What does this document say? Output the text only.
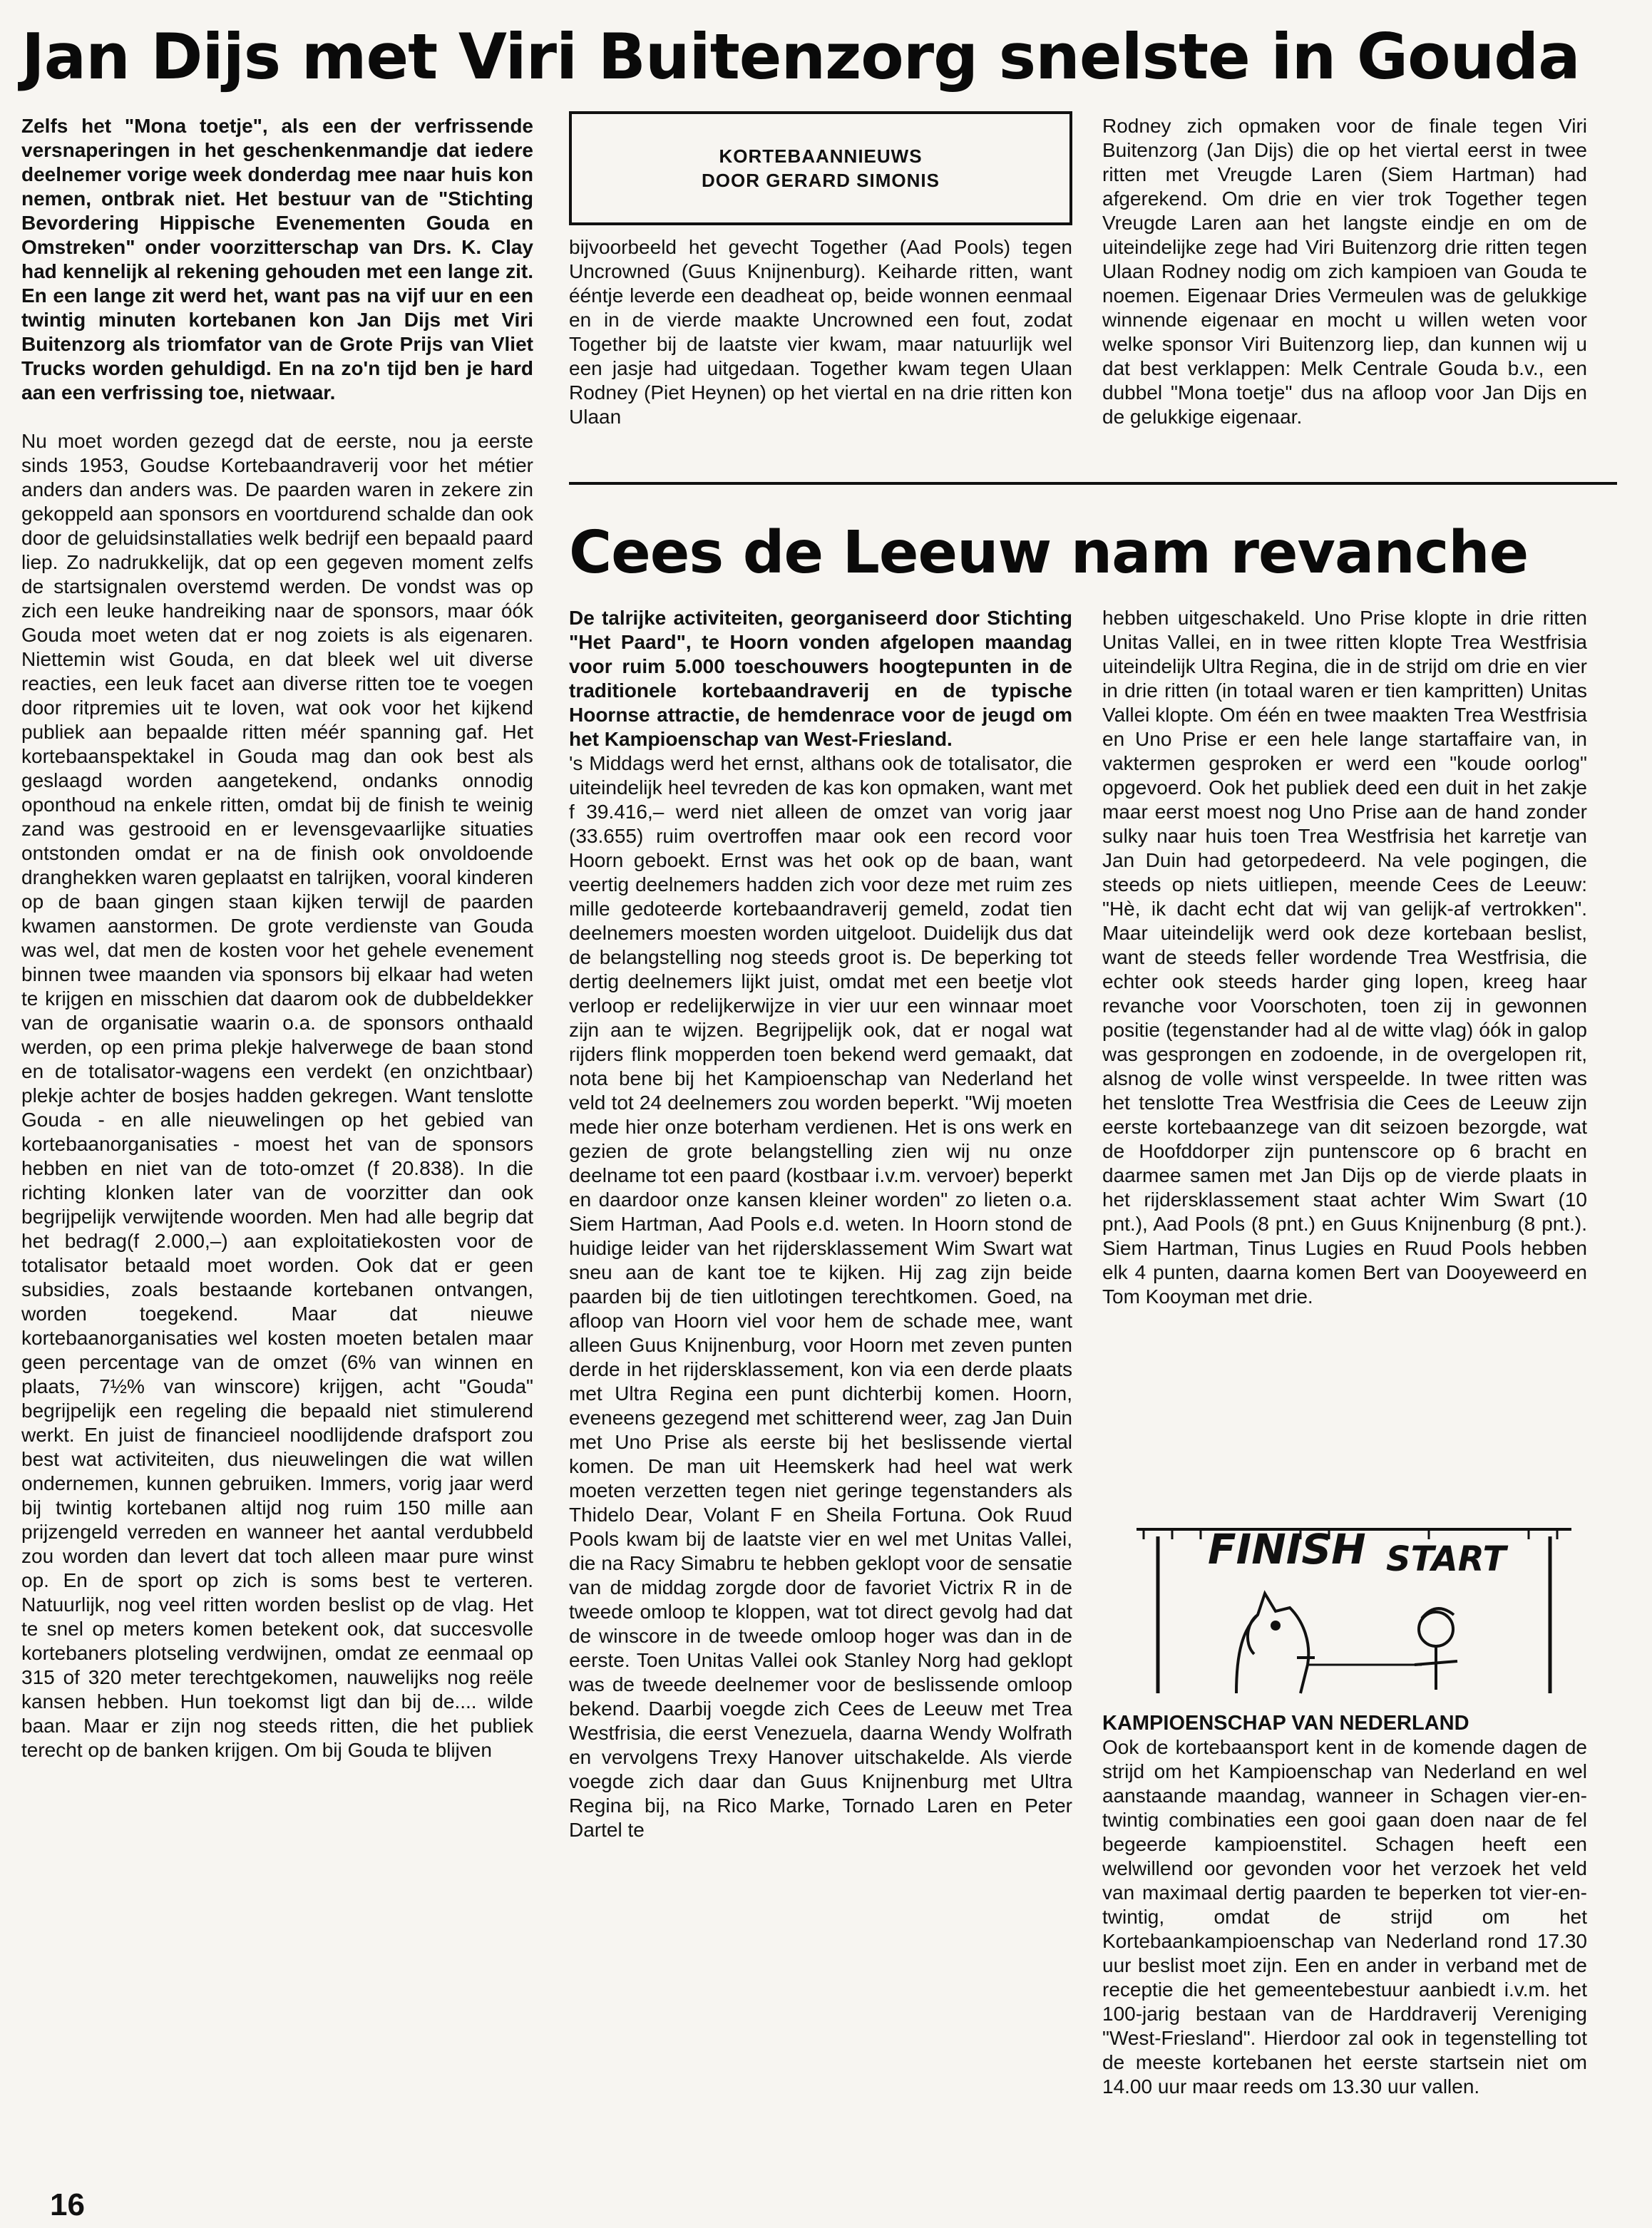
Jan Dijs met Viri Buitenzorg snelste in Gouda

Zelfs het "Mona toetje", als een der verfrissende versnaperingen in het geschenkenmandje dat iedere deelnemer vorige week donderdag mee naar huis kon nemen, ontbrak niet. Het bestuur van de "Stichting Bevordering Hippische Evenementen Gouda en Omstreken" onder voorzitterschap van Drs. K. Clay had kennelijk al rekening gehouden met een lange zit. En een lange zit werd het, want pas na vijf uur en een twintig minuten kortebanen kon Jan Dijs met Viri Buitenzorg als triomfator van de Grote Prijs van Vliet Trucks worden gehuldigd. En na zo'n tijd ben je hard aan een verfrissing toe, nietwaar.

Nu moet worden gezegd dat de eerste, nou ja eerste sinds 1953, Goudse Kortebaandraverij voor het métier anders dan anders was. De paarden waren in zekere zin gekoppeld aan sponsors en voortdurend schalde dan ook door de geluidsinstallaties welk bedrijf een bepaald paard liep. Zo nadrukkelijk, dat op een gegeven moment zelfs de startsignalen overstemd werden. De vondst was op zich een leuke handreiking naar de sponsors, maar óók Gouda moet weten dat er nog zoiets is als eigenaren. Niettemin wist Gouda, en dat bleek wel uit diverse reacties, een leuk facet aan diverse ritten toe te voegen door ritpremies uit te loven, wat ook voor het kijkend publiek aan bepaalde ritten méér spanning gaf. Het kortebaanspektakel in Gouda mag dan ook best als geslaagd worden aangetekend, ondanks onnodig oponthoud na enkele ritten, omdat bij de finish te weinig zand was gestrooid en er levensgevaarlijke situaties ontstonden omdat er na de finish ook onvoldoende dranghekken waren geplaatst en talrijken, vooral kinderen op de baan gingen staan kijken terwijl de paarden kwamen aanstormen. De grote verdienste van Gouda was wel, dat men de kosten voor het gehele evenement binnen twee maanden via sponsors bij elkaar had weten te krijgen en misschien dat daarom ook de dubbeldekker van de organisatie waarin o.a. de sponsors onthaald werden, op een prima plekje halverwege de baan stond en de totalisator-wagens een verdekt (en onzichtbaar) plekje achter de bosjes hadden gekregen. Want tenslotte Gouda - en alle nieuwelingen op het gebied van kortebaanorganisaties - moest het van de sponsors hebben en niet van de toto-omzet (f 20.838). In die richting klonken later van de voorzitter dan ook begrijpelijk verwijtende woorden. Men had alle begrip dat het bedrag(f 2.000,–) aan exploitatiekosten voor de totalisator betaald moet worden. Ook dat er geen subsidies, zoals bestaande kortebanen ontvangen, worden toegekend. Maar dat nieuwe kortebaanorganisaties wel kosten moeten betalen maar geen percentage van de omzet (6% van winnen en plaats, 7½% van winscore) krijgen, acht "Gouda" begrijpelijk een regeling die bepaald niet stimulerend werkt. En juist de financieel noodlijdende drafsport zou best wat activiteiten, dus nieuwelingen die wat willen ondernemen, kunnen gebruiken. Immers, vorig jaar werd bij twintig kortebanen altijd nog ruim 150 mille aan prijzengeld verreden en wanneer het aantal verdubbeld zou worden dan levert dat toch alleen maar pure winst op. En de sport op zich is soms best te verteren. Natuurlijk, nog veel ritten worden beslist op de vlag. Het te snel op meters komen betekent ook, dat succesvolle kortebaners plotseling verdwijnen, omdat ze eenmaal op 315 of 320 meter terechtgekomen, nauwelijks nog reële kansen hebben. Hun toekomst ligt dan bij de.... wilde baan. Maar er zijn nog steeds ritten, die het publiek terecht op de banken krijgen. Om bij Gouda te blijven

KORTEBAANNIEUWS
DOOR GERARD SIMONIS

bijvoorbeeld het gevecht Together (Aad Pools) tegen Uncrowned (Guus Knijnenburg). Keiharde ritten, want ééntje leverde een deadheat op, beide wonnen eenmaal en in de vierde maakte Uncrowned een fout, zodat Together bij de laatste vier kwam, maar natuurlijk wel een jasje had uitgedaan. Together kwam tegen Ulaan Rodney (Piet Heynen) op het viertal en na drie ritten kon Ulaan

Rodney zich opmaken voor de finale tegen Viri Buitenzorg (Jan Dijs) die op het viertal eerst in twee ritten met Vreugde Laren (Siem Hartman) had afgerekend. Om drie en vier trok Together tegen Vreugde Laren aan het langste eindje en om de uiteindelijke zege had Viri Buitenzorg drie ritten tegen Ulaan Rodney nodig om zich kampioen van Gouda te noemen. Eigenaar Dries Vermeulen was de gelukkige winnende eigenaar en mocht u willen weten voor welke sponsor Viri Buitenzorg liep, dan kunnen wij u dat best verklappen: Melk Centrale Gouda b.v., een dubbel "Mona toetje" dus na afloop voor Jan Dijs en de gelukkige eigenaar.

Cees de Leeuw nam revanche

De talrijke activiteiten, georganiseerd door Stichting "Het Paard", te Hoorn vonden afgelopen maandag voor ruim 5.000 toeschouwers hoogtepunten in de traditionele kortebaandraverij en de typische Hoornse attractie, de hemdenrace voor de jeugd om het Kampioenschap van West-Friesland.

's Middags werd het ernst, althans ook de totalisator, die uiteindelijk heel tevreden de kas kon opmaken, want met f 39.416,– werd niet alleen de omzet van vorig jaar (33.655) ruim overtroffen maar ook een record voor Hoorn geboekt. Ernst was het ook op de baan, want veertig deelnemers hadden zich voor deze met ruim zes mille gedoteerde kortebaandraverij gemeld, zodat tien deelnemers moesten worden uitgeloot. Duidelijk dus dat de belangstelling nog steeds groot is. De beperking tot dertig deelnemers lijkt juist, omdat met een beetje vlot verloop er redelijkerwijze in vier uur een winnaar moet zijn aan te wijzen. Begrijpelijk ook, dat er nogal wat rijders flink mopperden toen bekend werd gemaakt, dat nota bene bij het Kampioenschap van Nederland het veld tot 24 deelnemers zou worden beperkt. "Wij moeten mede hier onze boterham verdienen. Het is ons werk en gezien de grote belangstelling zien wij nu onze deelname tot een paard (kostbaar i.v.m. vervoer) beperkt en daardoor onze kansen kleiner worden" zo lieten o.a. Siem Hartman, Aad Pools e.d. weten. In Hoorn stond de huidige leider van het rijdersklassement Wim Swart wat sneu aan de kant toe te kijken. Hij zag zijn beide paarden bij de tien uitlotingen terechtkomen. Goed, na afloop van Hoorn viel voor hem de schade mee, want alleen Guus Knijnenburg, voor Hoorn met zeven punten derde in het rijdersklassement, kon via een derde plaats met Ultra Regina een punt dichterbij komen. Hoorn, eveneens gezegend met schitterend weer, zag Jan Duin met Uno Prise als eerste bij het beslissende viertal komen. De man uit Heemskerk had heel wat werk moeten verzetten tegen niet geringe tegenstanders als Thidelo Dear, Volant F en Sheila Fortuna. Ook Ruud Pools kwam bij de laatste vier en wel met Unitas Vallei, die na Racy Simabru te hebben geklopt voor de sensatie van de middag zorgde door de favoriet Victrix R in de tweede omloop te kloppen, wat tot direct gevolg had dat de winscore in de tweede omloop hoger was dan in de eerste. Toen Unitas Vallei ook Stanley Norg had geklopt was de tweede deelnemer voor de beslissende omloop bekend. Daarbij voegde zich Cees de Leeuw met Trea Westfrisia, die eerst Venezuela, daarna Wendy Wolfrath en vervolgens Trexy Hanover uitschakelde. Als vierde voegde zich daar dan Guus Knijnenburg met Ultra Regina bij, na Rico Marke, Tornado Laren en Peter Dartel te

hebben uitgeschakeld. Uno Prise klopte in drie ritten Unitas Vallei, en in twee ritten klopte Trea Westfrisia uiteindelijk Ultra Regina, die in de strijd om drie en vier in drie ritten (in totaal waren er tien kampritten) Unitas Vallei klopte. Om één en twee maakten Trea Westfrisia en Uno Prise er een hele lange startaffaire van, in vaktermen gesproken er werd een "koude oorlog" opgevoerd. Ook het publiek deed een duit in het zakje maar eerst moest nog Uno Prise aan de hand zonder sulky naar huis toen Trea Westfrisia het karretje van Jan Duin had getorpedeerd. Na vele pogingen, die steeds op niets uitliepen, meende Cees de Leeuw: "Hè, ik dacht echt dat wij van gelijk-af vertrokken". Maar uiteindelijk werd ook deze kortebaan beslist, want de steeds feller wordende Trea Westfrisia, die echter ook steeds harder ging lopen, kreeg haar revanche voor Voorschoten, toen zij in gewonnen positie (tegenstander had al de witte vlag) óók in galop was gesprongen en zodoende, in de overgelopen rit, alsnog de volle winst verspeelde. In twee ritten was het tenslotte Trea Westfrisia die Cees de Leeuw zijn eerste kortebaanzege van dit seizoen bezorgde, wat de Hoofddorper zijn puntenscore op 6 bracht en daarmee samen met Jan Dijs op de vierde plaats in het rijdersklassement staat achter Wim Swart (10 pnt.), Aad Pools (8 pnt.) en Guus Knijnenburg (8 pnt.). Siem Hartman, Tinus Lugies en Ruud Pools hebben elk 4 punten, daarna komen Bert van Dooyeweerd en Tom Kooyman met drie.

FINISH START

KAMPIOENSCHAP VAN NEDERLAND

Ook de kortebaansport kent in de komende dagen de strijd om het Kampioenschap van Nederland en wel aanstaande maandag, wanneer in Schagen vier-en-twintig combinaties een gooi gaan doen naar de fel begeerde kampioenstitel. Schagen heeft een welwillend oor gevonden voor het verzoek het veld van maximaal dertig paarden te beperken tot vier-en-twintig, omdat de strijd om het Kortebaankampioenschap van Nederland rond 17.30 uur beslist moet zijn. Een en ander in verband met de receptie die het gemeentebestuur aanbiedt i.v.m. het 100-jarig bestaan van de Harddraverij Vereniging "West-Friesland". Hierdoor zal ook in tegenstelling tot de meeste kortebanen het eerste startsein niet om 14.00 uur maar reeds om 13.30 uur vallen.

16
